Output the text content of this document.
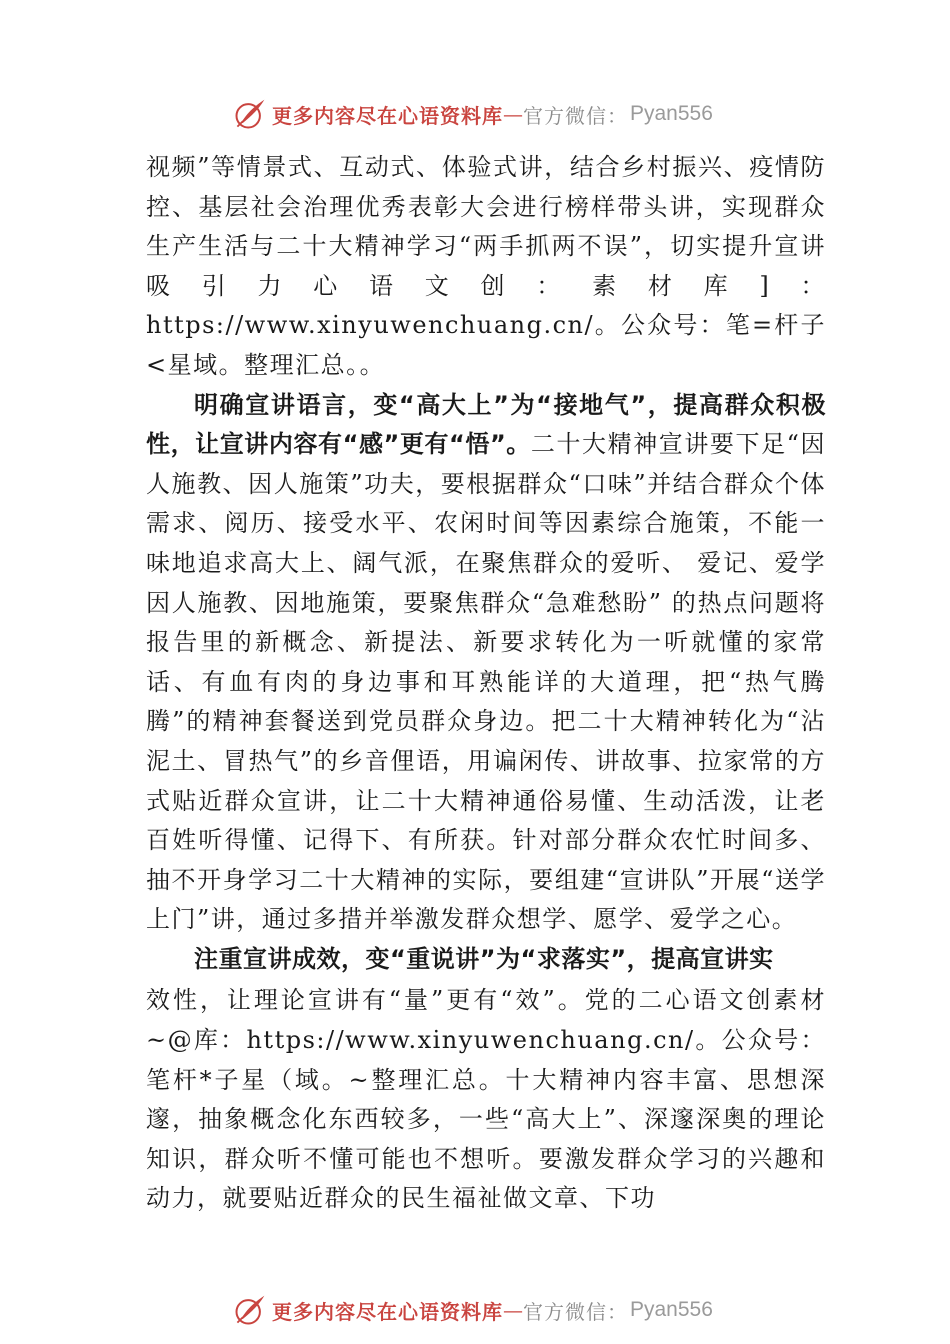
更多内容尽在心语资料库 — 官方微信： Pyan556

视频”等情景式、互动式、体验式讲，结合乡村振兴、疫情防控、基层社会治理优秀表彰大会进行榜样带头讲，实现群众生产生活与二十大精神学习“两手抓两不误”，切实提升宣讲吸引力心语文创：素材库]：https://www.xinyuwenchuang.cn/。公众号：笔=杆子<星域。整理汇总。。

明确宣讲语言，变“高大上”为“接地气”，提高群众积极性，让宣讲内容有“感”更有“悟”。二十大精神宣讲要下足“因人施教、因人施策”功夫，要根据群众“口味”并结合群众个体需求、阅历、接受水平、农闲时间等因素综合施策，不能一味地追求高大上、阔气派，在聚焦群众的爱听、 爱记、爱学因人施教、因地施策，要聚焦群众“急难愁盼” 的热点问题将报告里的新概念、新提法、新要求转化为一听就懂的家常话、有血有肉的身边事和耳熟能详的大道理，把“热气腾腾”的精神套餐送到党员群众身边。把二十大精神转化为“沾泥土、冒热气”的乡音俚语，用谝闲传、讲故事、拉家常的方式贴近群众宣讲，让二十大精神通俗易懂、生动活泼，让老百姓听得懂、记得下、有所获。针对部分群众农忙时间多、抽不开身学习二十大精神的实际，要组建“宣讲队”开展“送学上门”讲，通过多措并举激发群众想学、愿学、爱学之心。

注重宣讲成效，变“重说讲”为“求落实”，提高宣讲实

效性，让理论宣讲有“量”更有“效”。党的二心语文创素材~@库：https://www.xinyuwenchuang.cn/。公众号：笔杆*子星（域。~整理汇总。十大精神内容丰富、思想深邃，抽象概念化东西较多，一些“高大上”、深邃深奥的理论知识，群众听不懂可能也不想听。要激发群众学习的兴趣和动力，就要贴近群众的民生福祉做文章、下功

更多内容尽在心语资料库 — 官方微信： Pyan556
